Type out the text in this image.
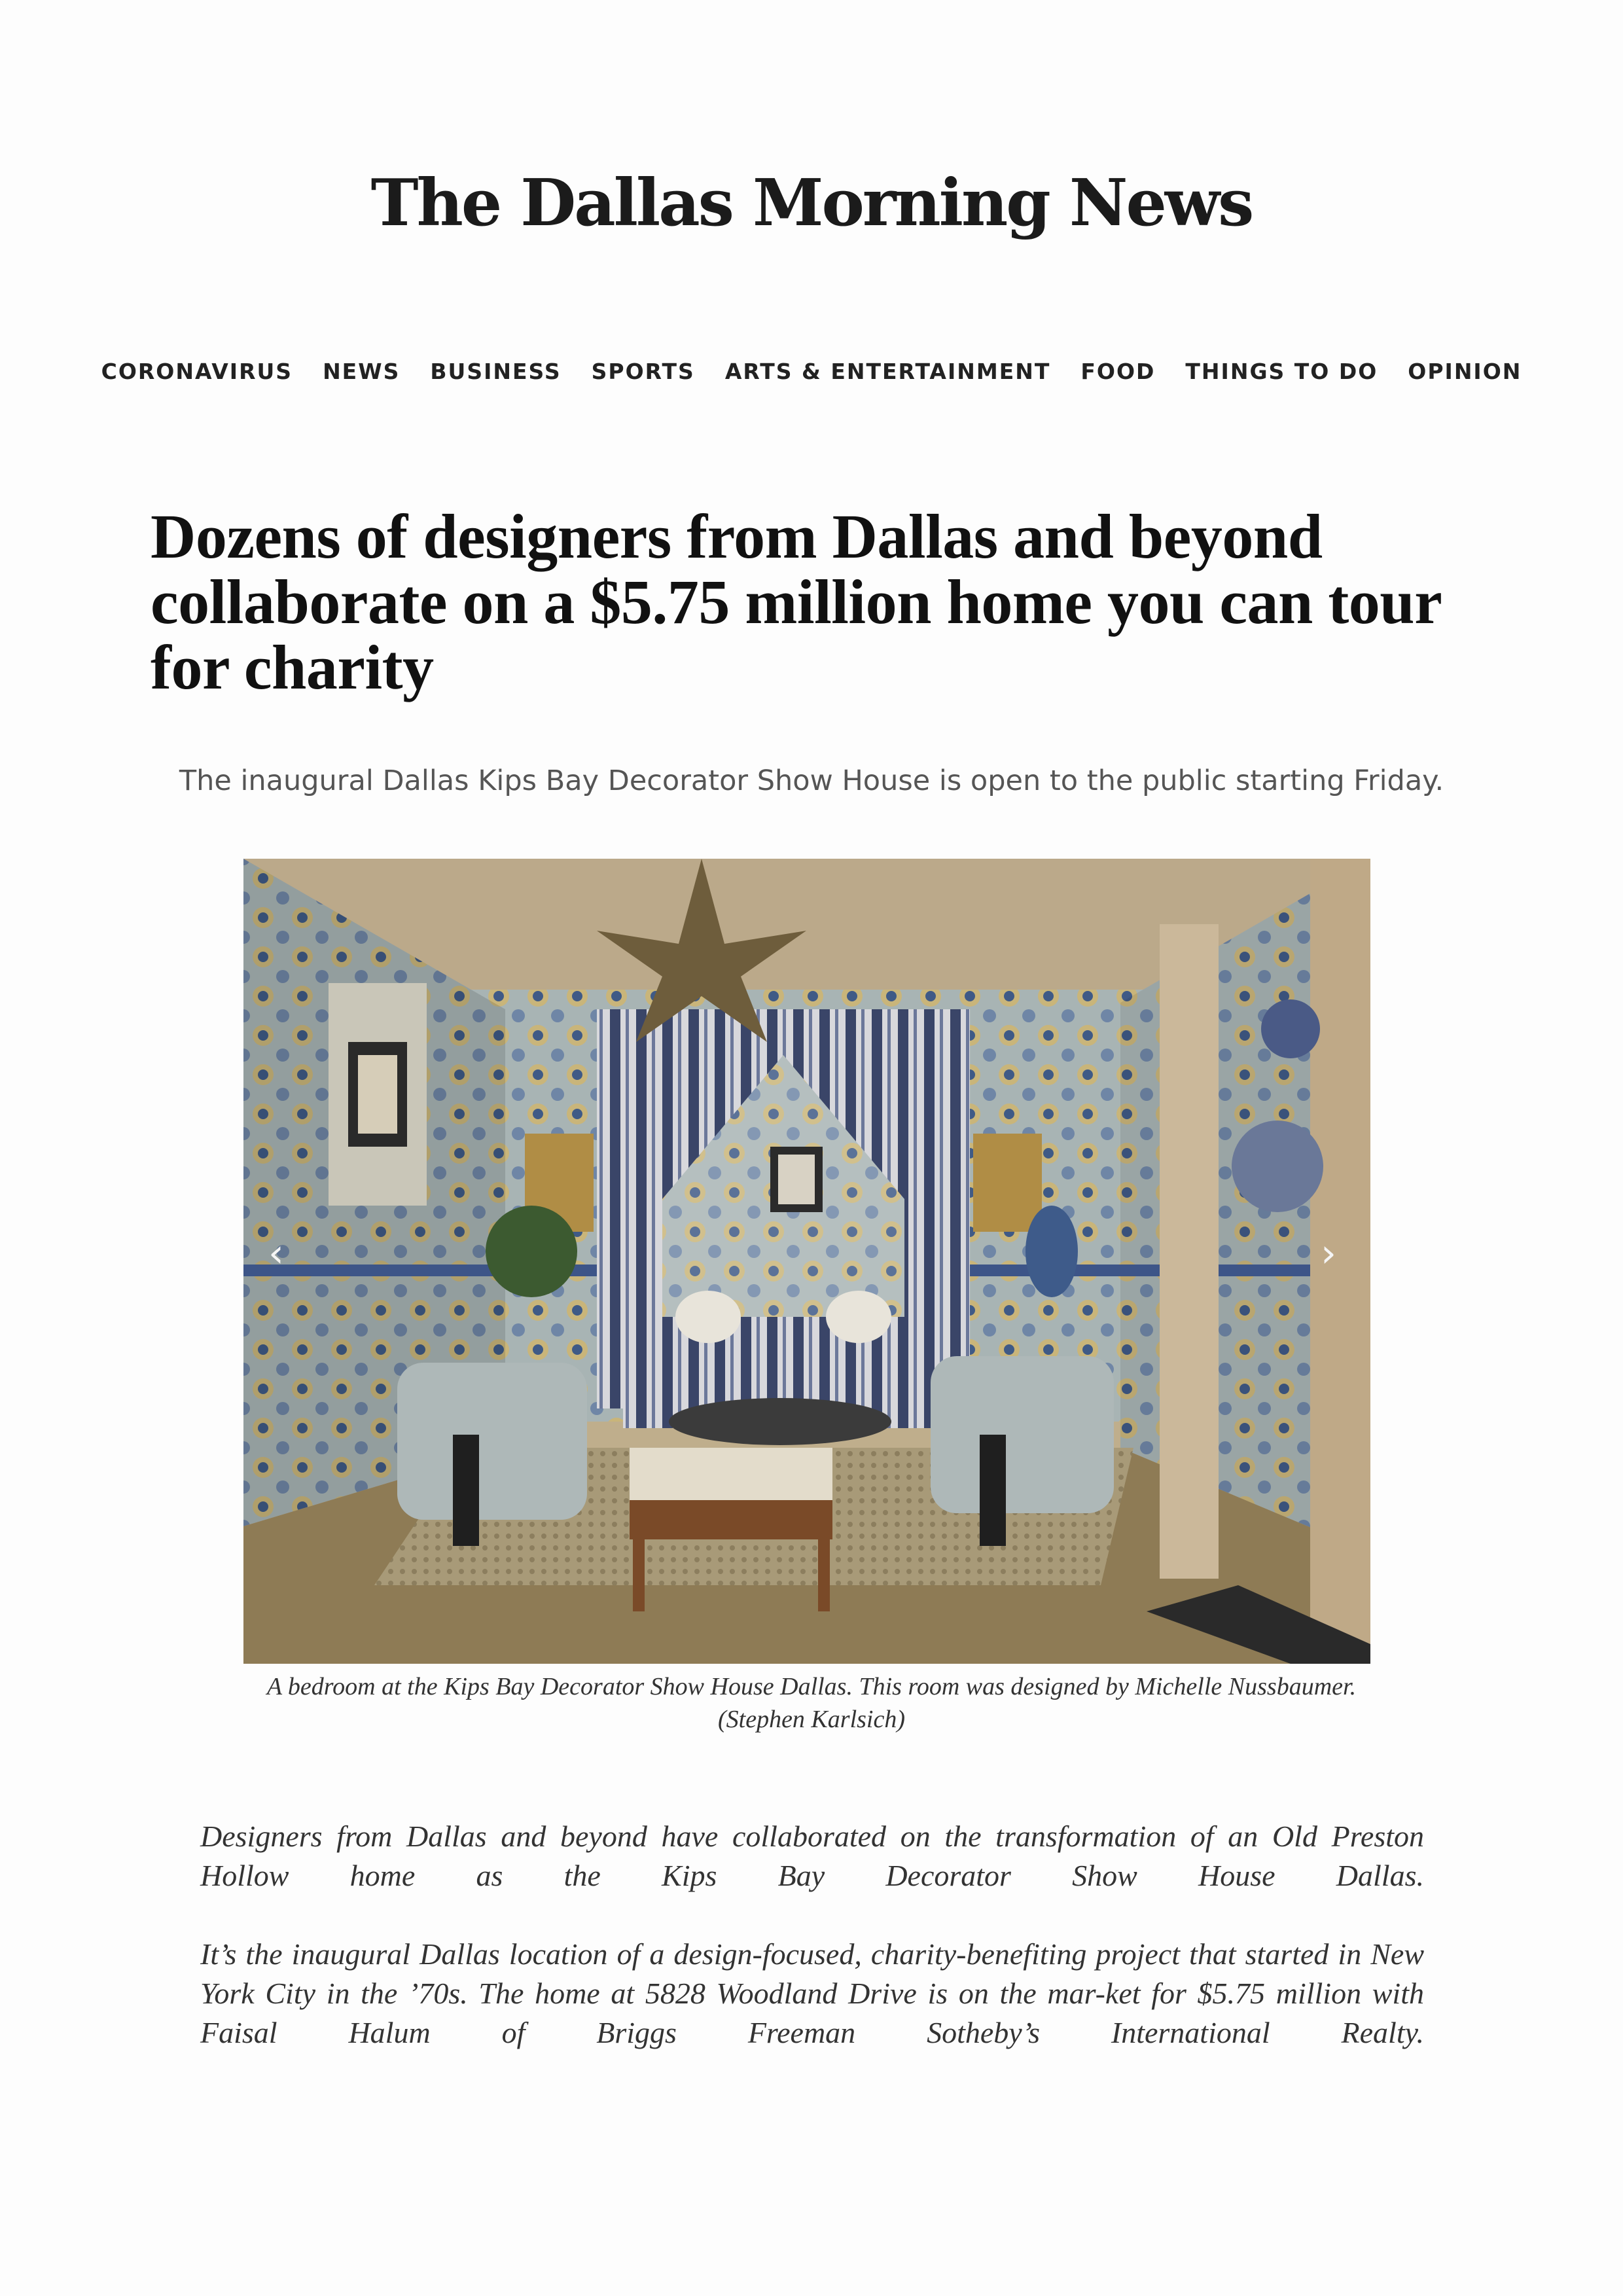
The Dallas Morning News
CORONAVIRUS NEWS BUSINESS SPORTS ARTS & ENTERTAINMENT FOOD THINGS TO DO OPINION
Dozens of designers from Dallas and beyond collaborate on a $5.75 million home you can tour for charity
The inaugural Dallas Kips Bay Decorator Show House is open to the public starting Friday.
‹	›
A bedroom at the Kips Bay Decorator Show House Dallas. This room was designed by Michelle Nussbaumer.
(Stephen Karlsich)

Designers from Dallas and beyond have collaborated on the transformation of an Old Preston Hollow home as the Kips Bay Decorator Show House Dallas.

It’s the inaugural Dallas location of a design-focused, charity-benefiting project that started in New York City in the ’70s. The home at 5828 Woodland Drive is on the mar-ket for $5.75 million with Faisal Halum of Briggs Freeman Sotheby’s International Realty.
